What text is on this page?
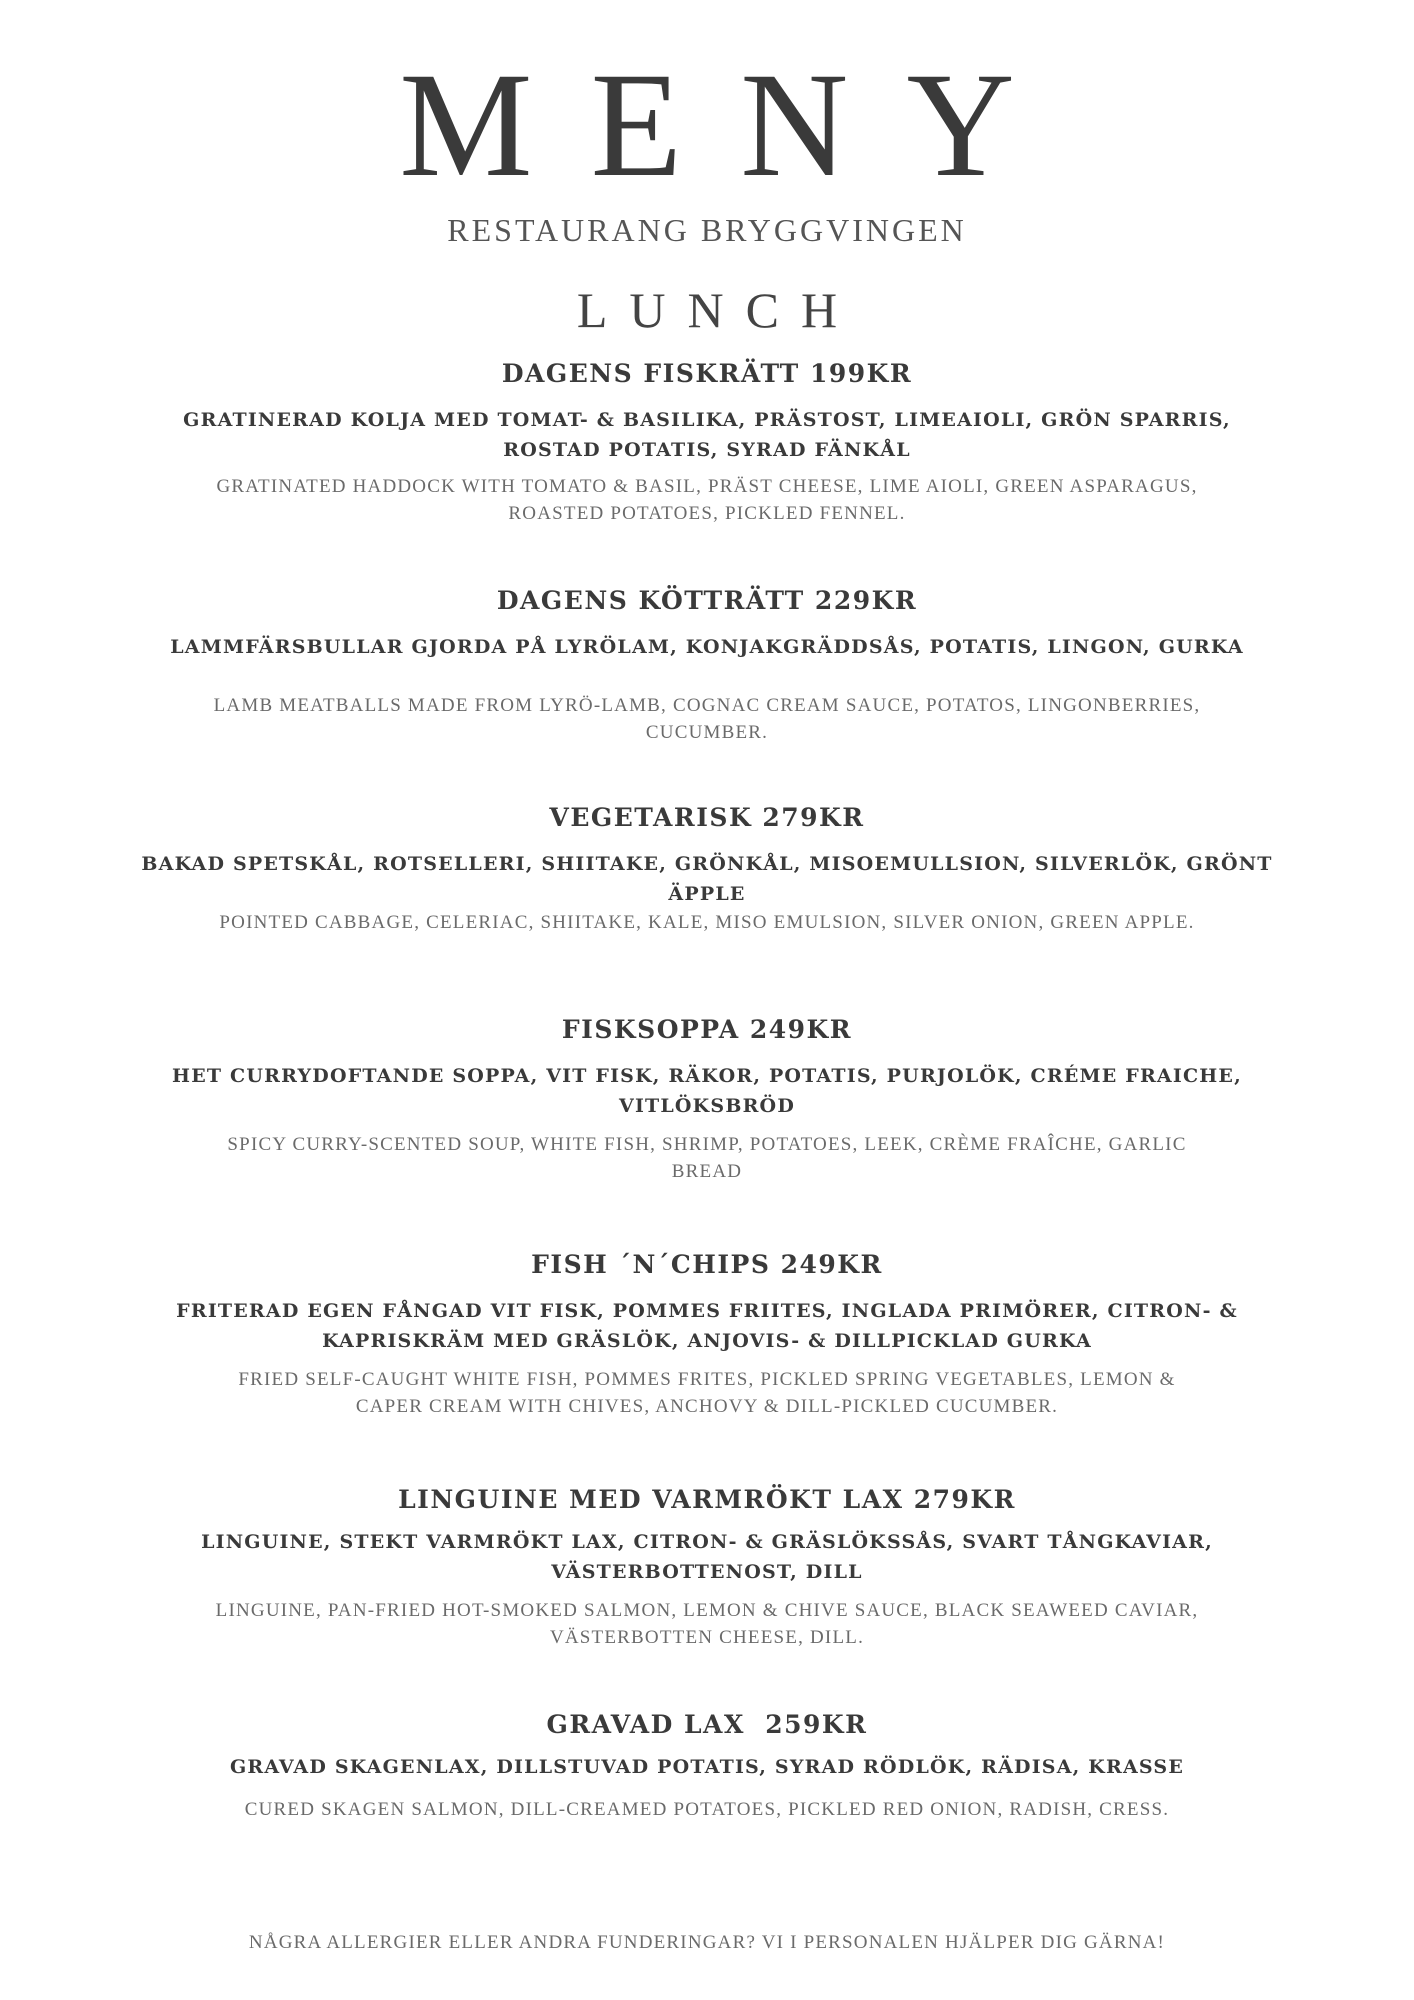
MENY
RESTAURANG BRYGGVINGEN
LUNCH
DAGENS FISKRÄTT 199KR
GRATINERAD KOLJA MED TOMAT- & BASILIKA, PRÄSTOST, LIMEAIOLI, GRÖN SPARRIS, ROSTAD POTATIS, SYRAD FÄNKÅL
GRATINATED HADDOCK WITH TOMATO & BASIL, PRÄST CHEESE, LIME AIOLI, GREEN ASPARAGUS, ROASTED POTATOES, PICKLED FENNEL.
DAGENS KÖTTRÄTT 229KR
LAMMFÄRSBULLAR GJORDA PÅ LYRÖLAM, KONJAKGRÄDDSÅS, POTATIS, LINGON, GURKA
LAMB MEATBALLS MADE FROM LYRÖ-LAMB, COGNAC CREAM SAUCE, POTATOS, LINGONBERRIES, CUCUMBER.
VEGETARISK 279KR
BAKAD SPETSKÅL, ROTSELLERI, SHIITAKE, GRÖNKÅL, MISOEMULLSION, SILVERLÖK, GRÖNT ÄPPLE
POINTED CABBAGE, CELERIAC, SHIITAKE, KALE, MISO EMULSION, SILVER ONION, GREEN APPLE.
FISKSOPPA 249KR
HET CURRYDOFTANDE SOPPA, VIT FISK, RÄKOR, POTATIS, PURJOLÖK, CRÉME FRAICHE, VITLÖKSBRÖD
SPICY CURRY-SCENTED SOUP, WHITE FISH, SHRIMP, POTATOES, LEEK, CRÈME FRAÎCHE, GARLIC BREAD
FISH ´N´CHIPS 249KR
FRITERAD EGEN FÅNGAD VIT FISK, POMMES FRIITES, INGLADA PRIMÖRER, CITRON- & KAPRISKRÄM MED GRÄSLÖK, ANJOVIS- & DILLPICKLAD GURKA
FRIED SELF-CAUGHT WHITE FISH, POMMES FRITES, PICKLED SPRING VEGETABLES, LEMON & CAPER CREAM WITH CHIVES, ANCHOVY & DILL-PICKLED CUCUMBER.
LINGUINE MED VARMRÖKT LAX 279KR
LINGUINE, STEKT VARMRÖKT LAX, CITRON- & GRÄSLÖKSSÅS, SVART TÅNGKAVIAR, VÄSTERBOTTENOST, DILL
LINGUINE, PAN-FRIED HOT-SMOKED SALMON, LEMON & CHIVE SAUCE, BLACK SEAWEED CAVIAR, VÄSTERBOTTEN CHEESE, DILL.
GRAVAD LAX  259KR
GRAVAD SKAGENLAX, DILLSTUVAD POTATIS, SYRAD RÖDLÖK, RÄDISA, KRASSE
CURED SKAGEN SALMON, DILL-CREAMED POTATOES, PICKLED RED ONION, RADISH, CRESS.
NÅGRA ALLERGIER ELLER ANDRA FUNDERINGAR? VI I PERSONALEN HJÄLPER DIG GÄRNA!
